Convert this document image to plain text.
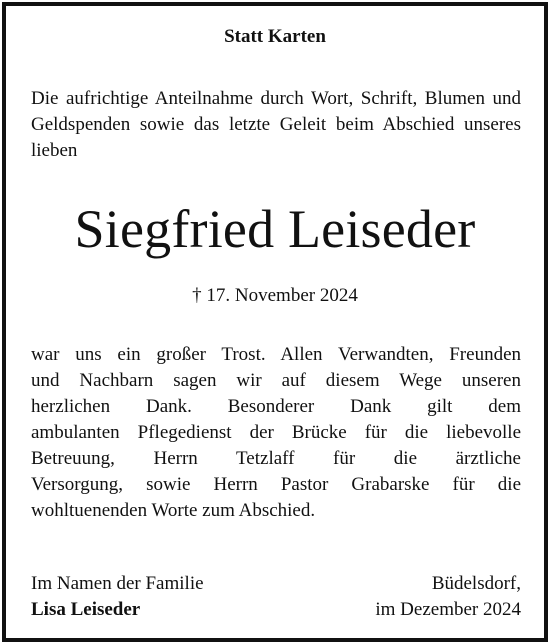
Statt Karten
Die aufrichtige Anteilnahme durch Wort, Schrift, Blumen und Geldspenden sowie das letzte Geleit beim Abschied unseres lieben
Siegfried Leiseder
† 17. November 2024
war uns ein großer Trost. Allen Verwandten, Freunden
und Nachbarn sagen wir auf diesem Wege unseren
herzlichen Dank. Besonderer Dank gilt dem
ambulanten Pflegedienst der Brücke für die liebevolle
Betreuung, Herrn Tetzlaff für die ärztliche
Versorgung, sowie Herrn Pastor Grabarske für die
wohltuenenden Worte zum Abschied.
Im Namen der Familie
Lisa Leiseder
Büdelsdorf,
im Dezember 2024
